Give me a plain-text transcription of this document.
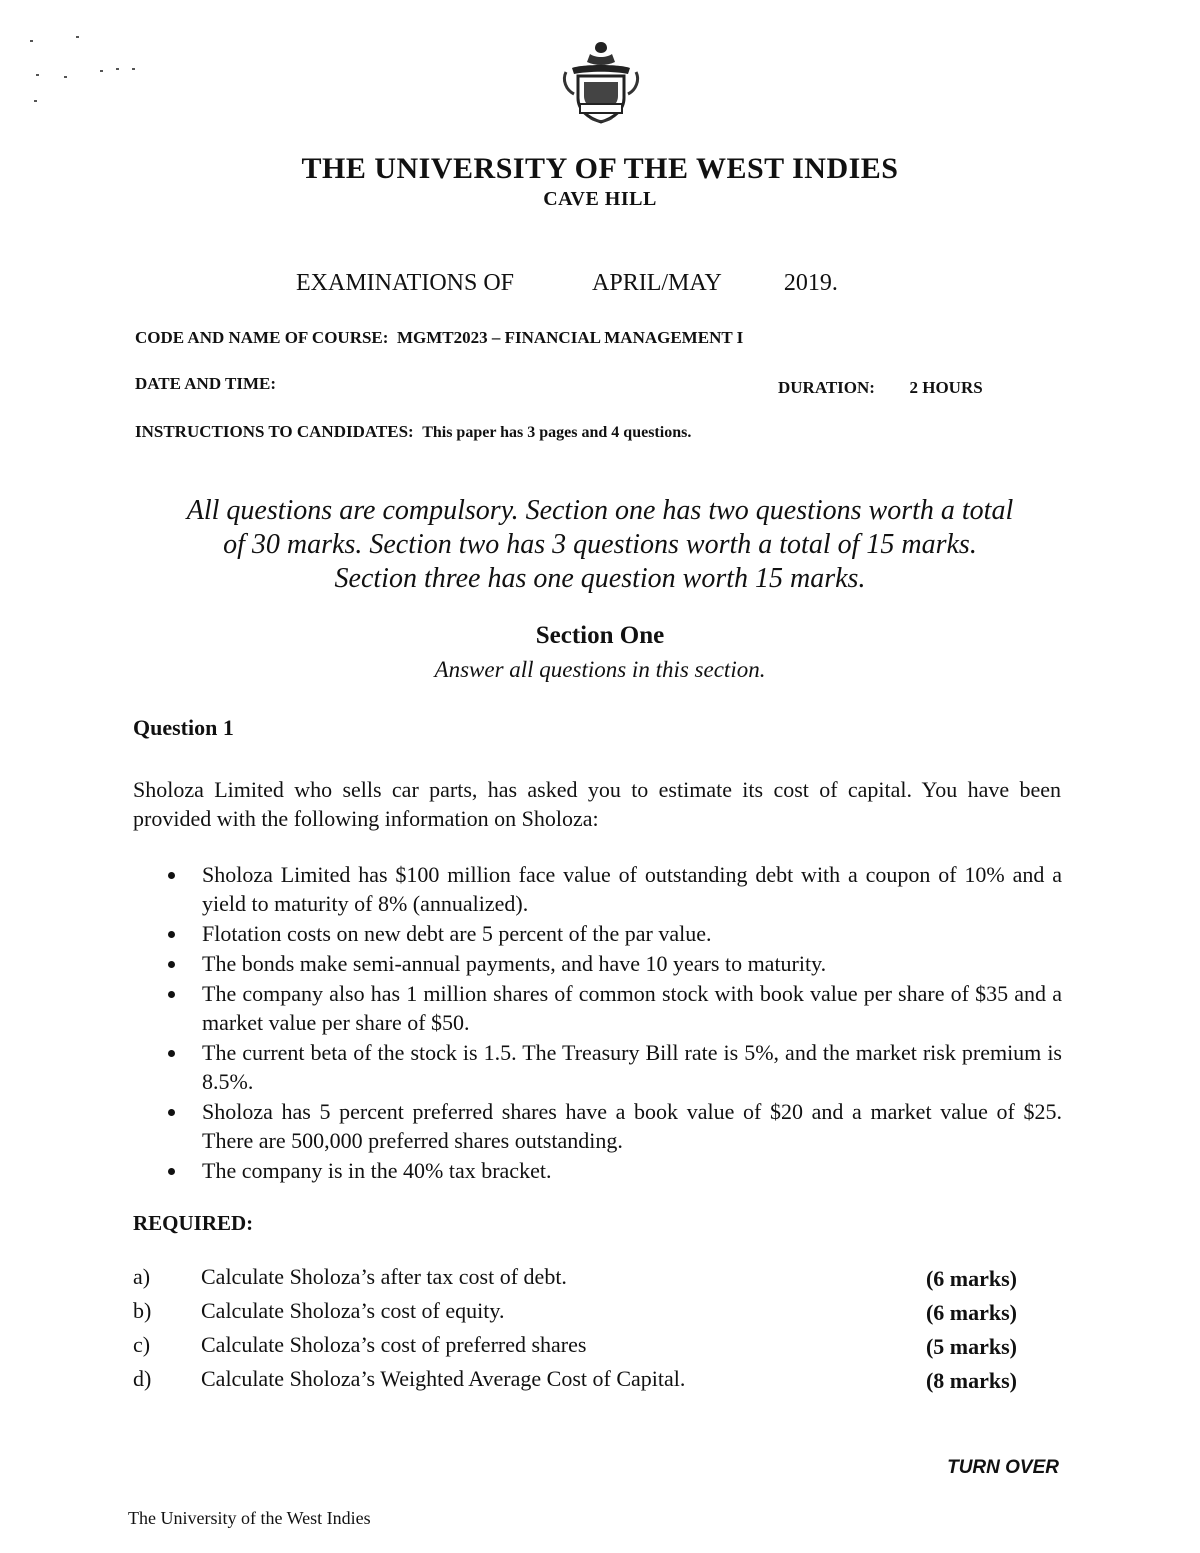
THE UNIVERSITY OF THE WEST INDIES
CAVE HILL
EXAMINATIONS OF	APRIL/MAY	2019.
CODE AND NAME OF COURSE: MGMT2023 – FINANCIAL MANAGEMENT I
DATE AND TIME:	DURATION: 2 HOURS
INSTRUCTIONS TO CANDIDATES: This paper has 3 pages and 4 questions.
All questions are compulsory. Section one has two questions worth a total
of 30 marks. Section two has 3 questions worth a total of 15 marks.
Section three has one question worth 15 marks.
Section One
Answer all questions in this section.
Question 1
Sholoza Limited who sells car parts, has asked you to estimate its cost of capital. You have been provided with the following information on Sholoza:
Sholoza Limited has $100 million face value of outstanding debt with a coupon of 10% and a yield to maturity of 8% (annualized).
Flotation costs on new debt are 5 percent of the par value.
The bonds make semi-annual payments, and have 10 years to maturity.
The company also has 1 million shares of common stock with book value per share of $35 and a market value per share of $50.
The current beta of the stock is 1.5. The Treasury Bill rate is 5%, and the market risk premium is 8.5%.
Sholoza has 5 percent preferred shares have a book value of $20 and a market value of $25. There are 500,000 preferred shares outstanding.
The company is in the 40% tax bracket.
REQUIRED:
a) Calculate Sholoza’s after tax cost of debt.	(6 marks)
b) Calculate Sholoza’s cost of equity.	(6 marks)
c) Calculate Sholoza’s cost of preferred shares	(5 marks)
d) Calculate Sholoza’s Weighted Average Cost of Capital.	(8 marks)
TURN OVER
The University of the West Indies
